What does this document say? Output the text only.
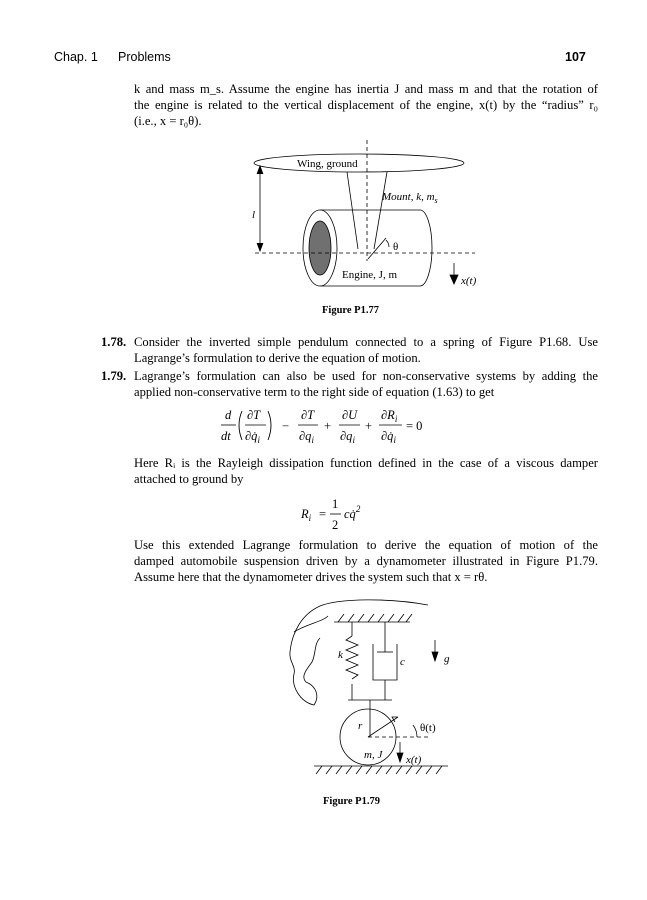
Chap. 1 Problems	107
k and mass m_s. Assume the engine has inertia J and mass m and that the rotation of
the engine is related to the vertical displacement of the engine, x(t) by the “radius” r₀
(i.e., x = r₀θ).
Wing, ground
Mount, k, $m_s$
l
θ
Engine, J, m	x(t)
Figure P1.77
1.78. Consider the inverted simple pendulum connected to a spring of Figure P1.68. Use
Lagrange’s formulation to derive the equation of motion.
1.79. Lagrange’s formulation can also be used for non-conservative systems by adding the
applied non-conservative term to the right side of equation (1.63) to get
d
dt
∂T
$\partial q̇_i$
−
∂T
$\partial q_i$
+
∂U
$\partial q_i$
+
$\partial R_i$
$\partial q̇_i$
= 0
Here Rᵢ is the Rayleigh dissipation function defined in the case of a viscous damper
attached to ground by
$R_i$ =
1
2
cq̇$^2$
Use this extended Lagrange formulation to derive the equation of motion of the
damped automobile suspension driven by a dynamometer illustrated in Figure P1.79.
Assume here that the dynamometer drives the system such that x = rθ.
k
c	g
r
m, J
θ(t)
x(t)
Figure P1.79
